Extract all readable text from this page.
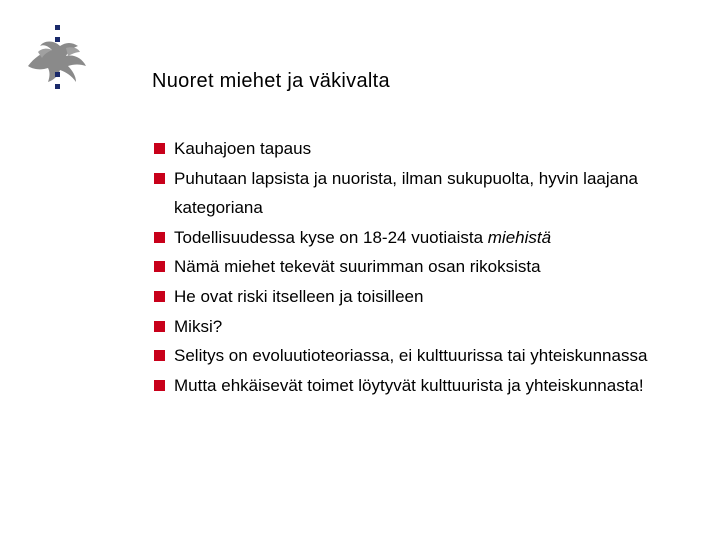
Nuoret miehet ja väkivalta
Kauhajoen tapaus
Puhutaan lapsista ja nuorista, ilman sukupuolta, hyvin laajana kategoriana
Todellisuudessa kyse on 18-24 vuotiaista miehistä
Nämä miehet tekevät suurimman osan rikoksista
He ovat riski itselleen ja toisilleen
Miksi?
Selitys on evoluutioteoriassa, ei kulttuurissa tai yhteiskunnassa
Mutta ehkäisevät toimet löytyvät kulttuurista ja yhteiskunnasta!
